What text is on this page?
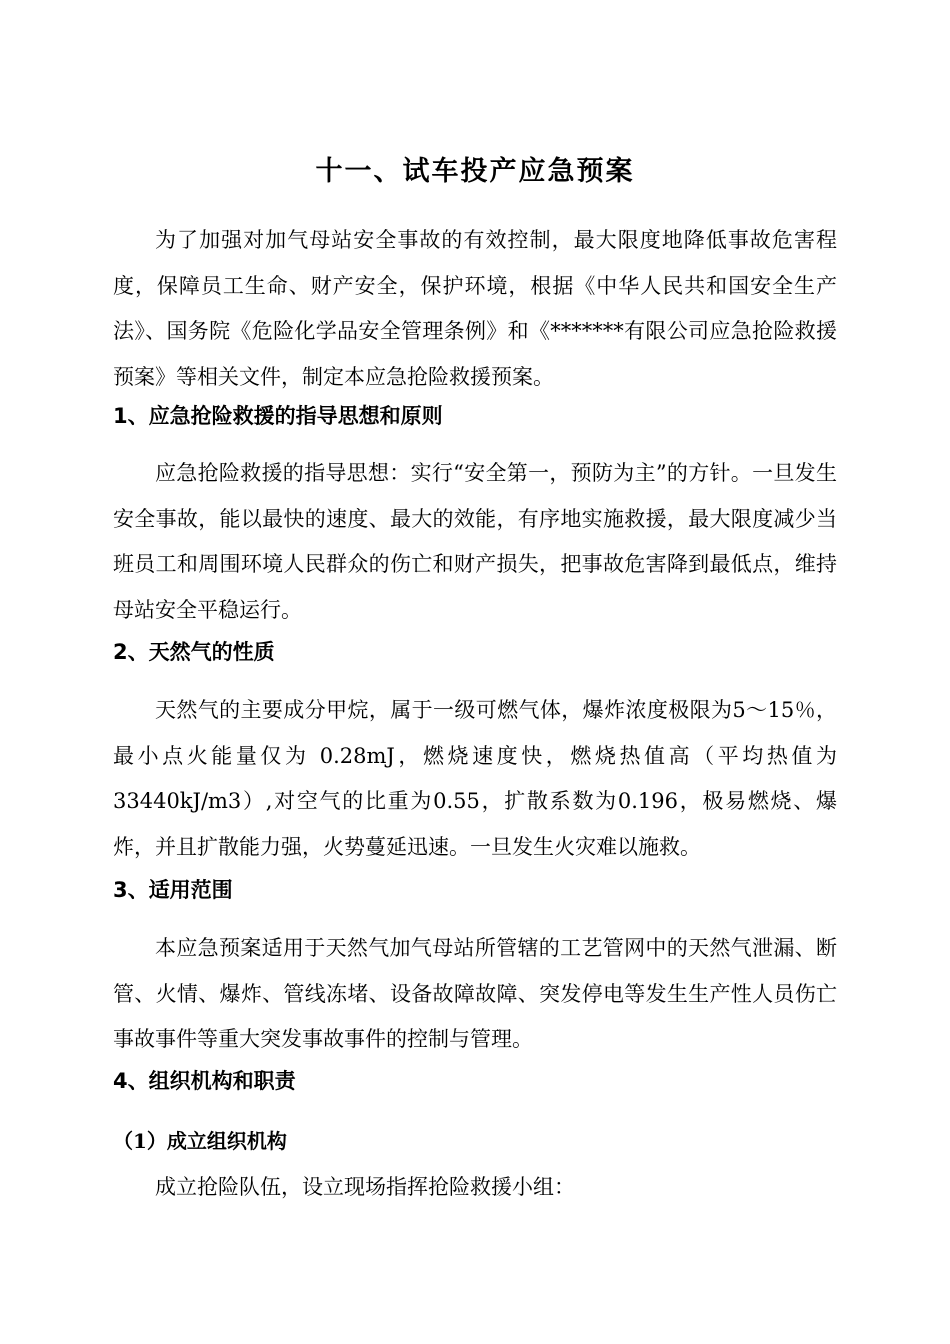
十一、试车投产应急预案

为了加强对加气母站安全事故的有效控制，最大限度地降低事故危害程度，保障员工生命、财产安全，保护环境，根据《中华人民共和国安全生产法》、国务院《危险化学品安全管理条例》和《*******有限公司应急抢险救援预案》等相关文件，制定本应急抢险救援预案。

1、应急抢险救援的指导思想和原则

应急抢险救援的指导思想：实行“安全第一，预防为主”的方针。一旦发生安全事故，能以最快的速度、最大的效能，有序地实施救援，最大限度减少当班员工和周围环境人民群众的伤亡和财产损失，把事故危害降到最低点，维持母站安全平稳运行。

2、天然气的性质

天然气的主要成分甲烷，属于一级可燃气体，爆炸浓度极限为5～15％，最小点火能量仅为 0.28mJ，燃烧速度快，燃烧热值高（平均热值为33440kJ/m3）,对空气的比重为0.55，扩散系数为0.196，极易燃烧、爆炸，并且扩散能力强，火势蔓延迅速。一旦发生火灾难以施救。

3、适用范围

本应急预案适用于天然气加气母站所管辖的工艺管网中的天然气泄漏、断管、火情、爆炸、管线冻堵、设备故障故障、突发停电等发生生产性人员伤亡事故事件等重大突发事故事件的控制与管理。

4、组织机构和职责
（1）成立组织机构

成立抢险队伍，设立现场指挥抢险救援小组：
